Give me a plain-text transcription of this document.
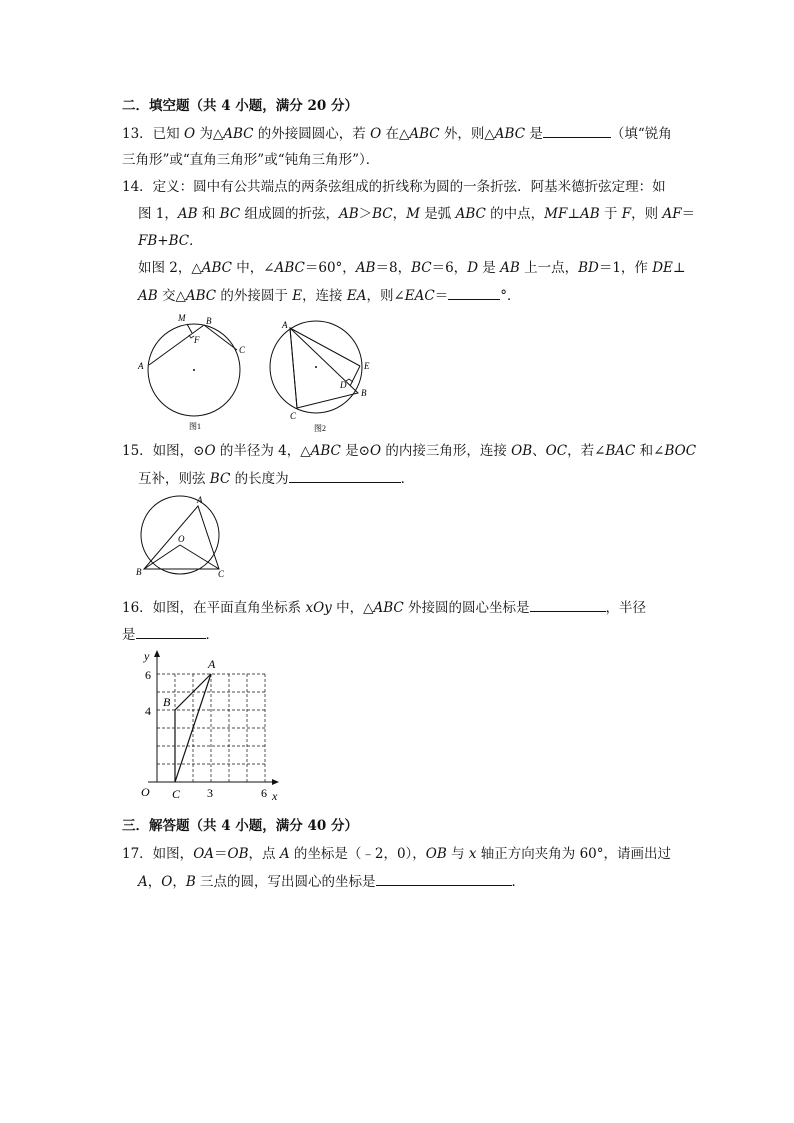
二．填空题（共 4 小题，满分 20 分）
13．已知 O 为△ABC 的外接圆圆心，若 O 在△ABC 外，则△ABC 是	（填“锐角
三角形”或“直角三角形”或“钝角三角形”）．
14．定义：圆中有公共端点的两条弦组成的折线称为圆的一条折弦．阿基米德折弦定理：如
图 1，AB 和 BC 组成圆的折弦，AB＞BC，M 是弧 ABC 的中点，MF⊥AB 于 F，则 AF＝
FB+BC．
如图 2，△ABC 中，∠ABC＝60°，AB＝8，BC＝6，D 是 AB 上一点，BD＝1，作 DE⊥
AB 交△ABC 的外接圆于 E，连接 EA，则∠EAC＝	°．
A
B
C
M
F
图1
A
B
C
D
E
图2
15．如图，⊙O 的半径为 4，△ABC 是⊙O 的内接三角形，连接 OB、OC，若∠BAC 和∠BOC
互补，则弦 BC 的长度为	．
A
B	C
O
16．如图，在平面直角坐标系 xOy 中，△ABC 外接圆的圆心坐标是	，半径
是	．
y
x
O
A
B
C
6
4
3	6
三．解答题（共 4 小题，满分 40 分）
17．如图，OA＝OB，点 A 的坐标是（﹣2，0），OB 与 x 轴正方向夹角为 60°，请画出过
A，O，B 三点的圆，写出圆心的坐标是	．
